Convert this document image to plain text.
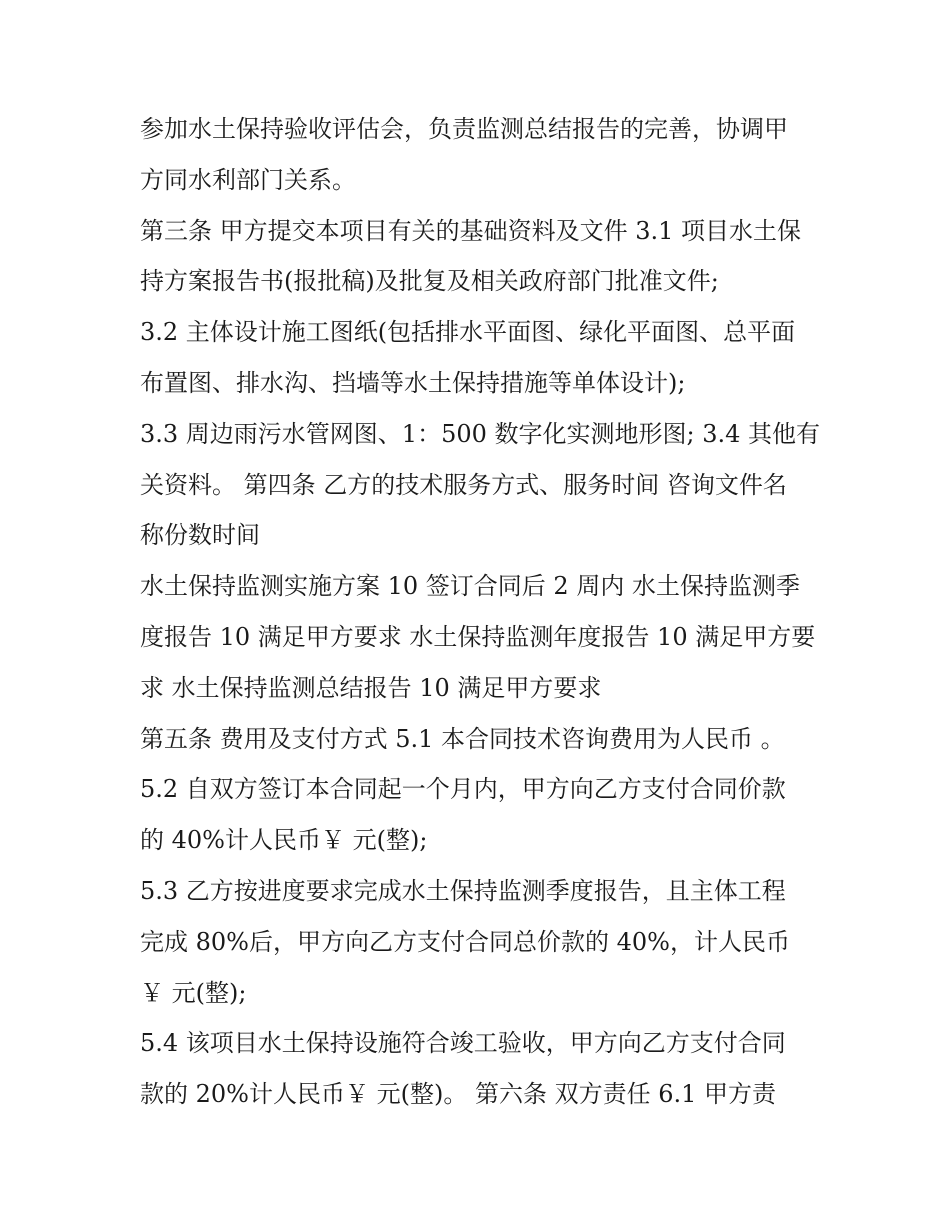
参加水土保持验收评估会，负责监测总结报告的完善，协调甲
方同水利部门关系。
第三条 甲方提交本项目有关的基础资料及文件 3.1 项目水土保
持方案报告书(报批稿)及批复及相关政府部门批准文件;
3.2 主体设计施工图纸(包括排水平面图、绿化平面图、总平面
布置图、排水沟、挡墙等水土保持措施等单体设计);
3.3 周边雨污水管网图、1：500 数字化实测地形图; 3.4 其他有
关资料。 第四条 乙方的技术服务方式、服务时间 咨询文件名
称份数时间
水土保持监测实施方案 10 签订合同后 2 周内 水土保持监测季
度报告 10 满足甲方要求 水土保持监测年度报告 10 满足甲方要
求 水土保持监测总结报告 10 满足甲方要求
第五条 费用及支付方式 5.1 本合同技术咨询费用为人民币 。
5.2 自双方签订本合同起一个月内，甲方向乙方支付合同价款
的 40%计人民币￥ 元(整);
5.3 乙方按进度要求完成水土保持监测季度报告，且主体工程
完成 80%后，甲方向乙方支付合同总价款的 40%，计人民币
￥ 元(整);
5.4 该项目水土保持设施符合竣工验收，甲方向乙方支付合同
款的 20%计人民币￥ 元(整)。 第六条 双方责任 6.1 甲方责
